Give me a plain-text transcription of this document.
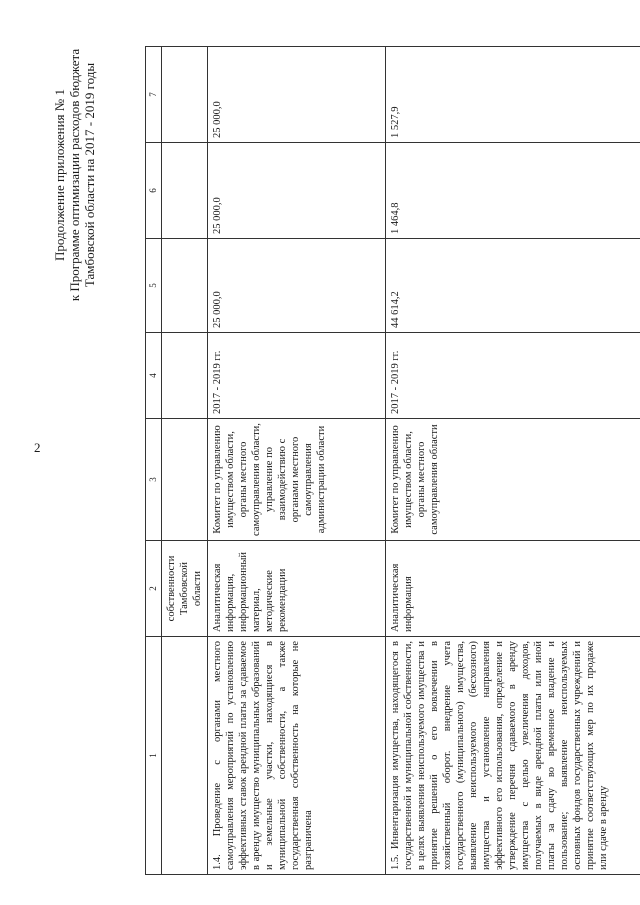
2
Продолжение приложения № 1 к Программе оптимизации расходов бюджета Тамбовской области на 2017 - 2019 годы
1	2	3	4	5	6	7
	собственности Тамбовской области					
1.4. Проведение с органами местного самоуправления мероприятий по установлению эффективных ставок арендной платы за сдаваемое в аренду имущество муниципальных образований и земельные участки, находящиеся в муниципальной собственности, а также государственная собственность на которые не разграничена	Аналитическая информация, информационный материал, методические рекомендации	Комитет по управлению имуществом области, органы местного самоуправления области, управление по взаимодействию с органами местного самоуправления администрации области	2017 - 2019 гг.	25 000,0	25 000,0	25 000,0
1.5. Инвентаризация имущества, находящегося в государственной и муниципальной собственности, в целях выявления неиспользуемого имущества и принятие решений о его вовлечении в хозяйственный оборот. внедрение учета государственного (муниципального) имущества, выявление неиспользуемого (бесхозного) имущества и установление направления эффективного его использования, определение и утверждение перечня сдаваемого в аренду имущества с целью увеличения доходов, получаемых в виде арендной платы или иной платы за сдачу во временное владение и пользование; выявление неиспользуемых основных фондов государственных учреждений и принятие соответствующих мер по их продаже или сдаче в аренду	Аналитическая информация	Комитет по управлению имуществом области, органы местного самоуправления области	2017 - 2019 гг.	44 614,2	1 464,8	1 527,9
